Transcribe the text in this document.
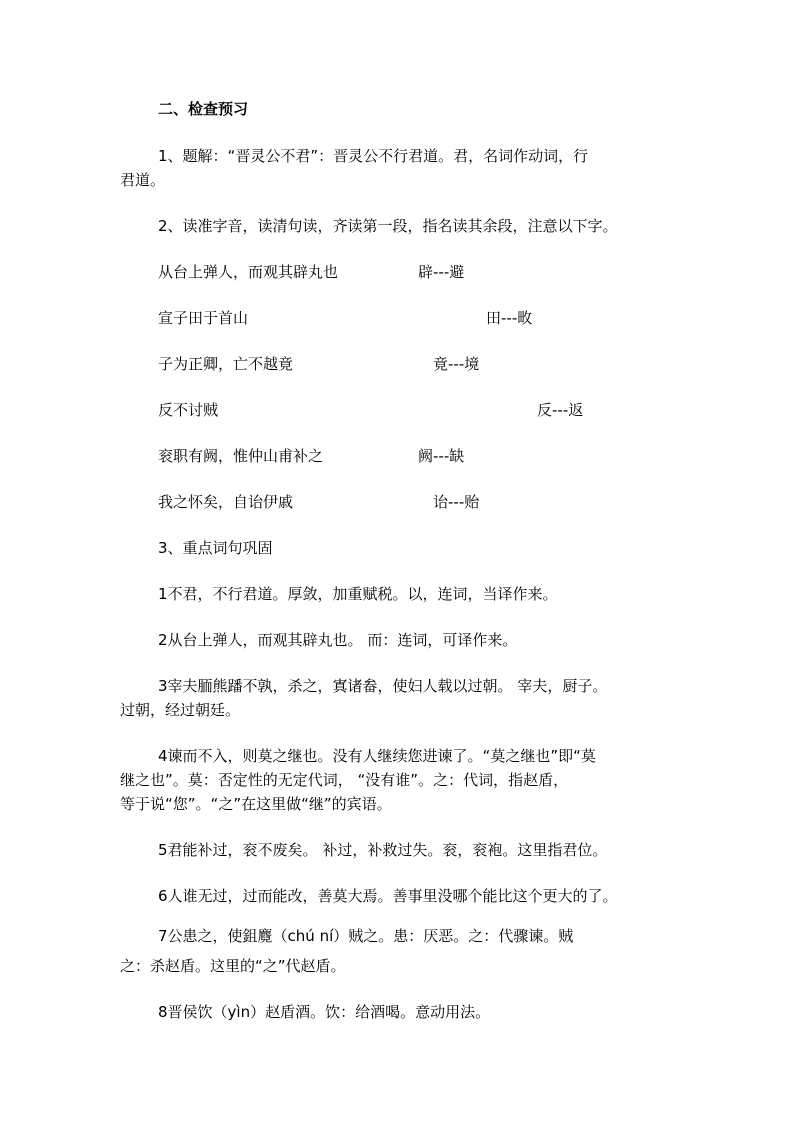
二、检查预习
1、题解：“晋灵公不君”：晋灵公不行君道。君，名词作动词，行
君道。
2、读准字音，读清句读，齐读第一段，指名读其余段，注意以下字。
从台上弹人，而观其辟丸也	辟---避
宣子田于首山	田---畋
子为正卿，亡不越竟	竟---境
反不讨贼	反---返
衮职有阙，惟仲山甫补之	阙---缺
我之怀矣，自诒伊戚	诒---贻
3、重点词句巩固
1不君，不行君道。厚敛，加重赋税。以，连词，当译作来。
2从台上弹人，而观其辟丸也。 而：连词，可译作来。
3宰夫胹熊蹯不孰，杀之，寘诸畚，使妇人载以过朝。 宰夫，厨子。
过朝，经过朝廷。
4谏而不入，则莫之继也。没有人继续您进谏了。“莫之继也”即“莫
继之也”。莫：否定性的无定代词， “没有谁”。之：代词，指赵盾，
等于说“您”。“之”在这里做“继”的宾语。
5君能补过，衮不废矣。 补过，补救过失。衮，衮袍。这里指君位。
6人谁无过，过而能改，善莫大焉。善事里没哪个能比这个更大的了。
7公患之，使鉏麑（chú ní）贼之。患：厌恶。之：代骤谏。贼
之：杀赵盾。这里的“之”代赵盾。
8晋侯饮（yìn）赵盾酒。饮：给酒喝。意动用法。
